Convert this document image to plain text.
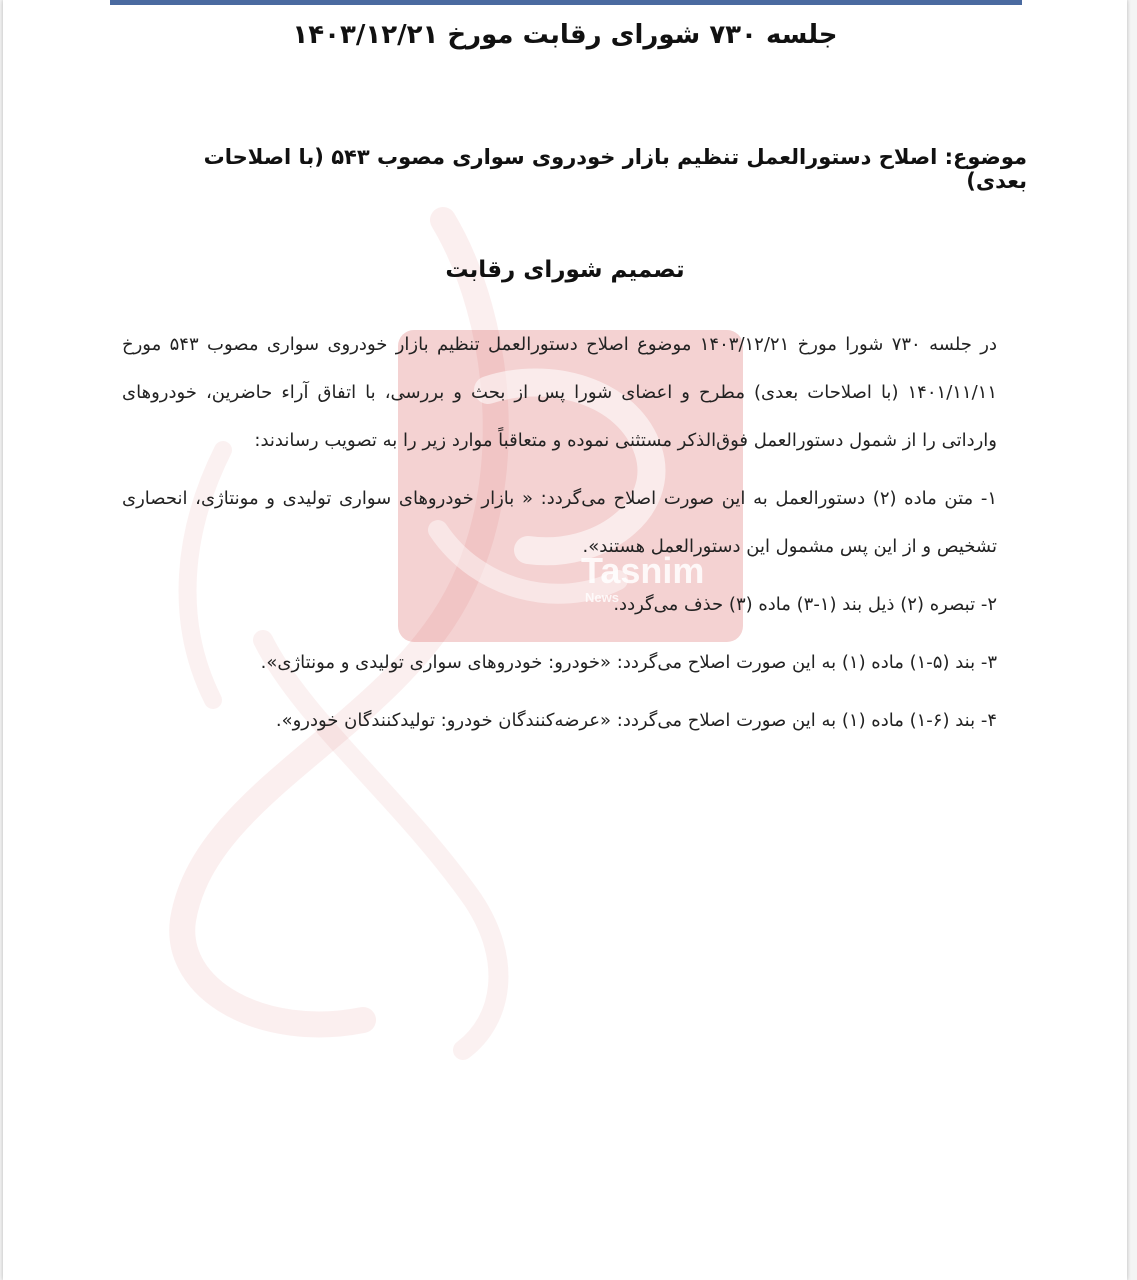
Tasnim
News
جلسه ۷۳۰ شورای رقابت مورخ ۱۴۰۳/۱۲/۲۱
موضوع: اصلاح دستورالعمل تنظیم بازار خودروی سواری مصوب ۵۴۳ (با اصلاحات بعدی)
تصمیم شورای رقابت

در جلسه ۷۳۰ شورا مورخ ۱۴۰۳/۱۲/۲۱ موضوع اصلاح دستورالعمل تنظیم بازار خودروی سواری مصوب ۵۴۳ مورخ ۱۴۰۱/۱۱/۱۱ (با اصلاحات بعدی) مطرح و اعضای شورا پس از بحث و بررسی، با اتفاق آراء حاضرین، خودروهای وارداتی را از شمول دستورالعمل فوق‌الذکر مستثنی نموده و متعاقباً موارد زیر را به تصویب رساندند:

۱- متن ماده (۲) دستورالعمل به این صورت اصلاح می‌گردد: « بازار خودروهای سواری تولیدی و مونتاژی، انحصاری تشخیص و از این پس مشمول این دستورالعمل هستند».

۲- تبصره (۲) ذیل بند (۱-۳) ماده (۳) حذف می‌گردد.

۳- بند (۵-۱) ماده (۱) به این صورت اصلاح می‌گردد: «خودرو: خودروهای سواری تولیدی و مونتاژی».

۴- بند (۶-۱) ماده (۱) به این صورت اصلاح می‌گردد: «عرضه‌کنندگان خودرو: تولیدکنندگان خودرو».
